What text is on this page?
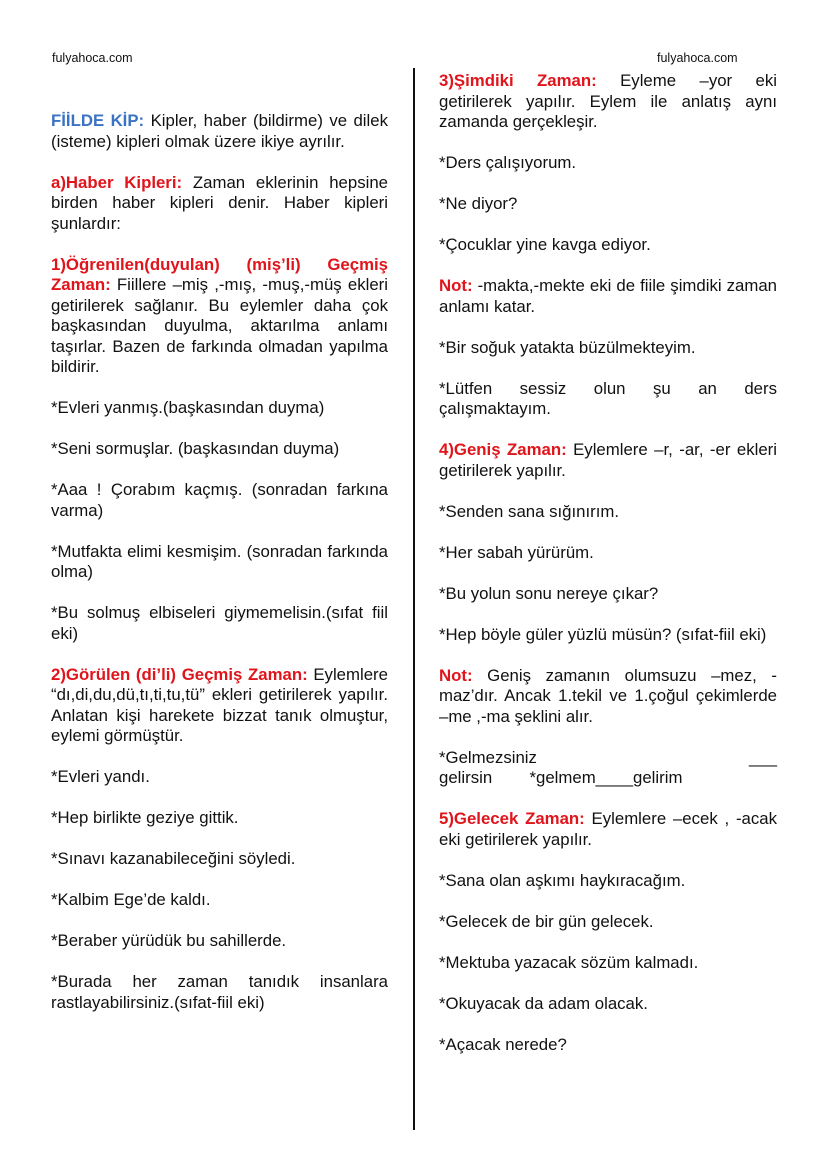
fulyahoca.com	fulyahoca.com

FİİLDE KİP: Kipler, haber (bildirme) ve dilek (isteme) kipleri olmak üzere ikiye ayrılır.

a)Haber Kipleri: Zaman eklerinin hepsine birden haber kipleri denir. Haber kipleri şunlardır:

1)Öğrenilen(duyulan) (miş’li) Geçmiş Zaman: Fiillere –miş ,-mış, -muş,-müş ekleri getirilerek sağlanır. Bu eylemler daha çok başkasından duyulma, aktarılma anlamı taşırlar. Bazen de farkında olmadan yapılma bildirir.

*Evleri yanmış.(başkasından duyma)

*Seni sormuşlar. (başkasından duyma)

*Aaa ! Çorabım kaçmış. (sonradan farkına varma)

*Mutfakta elimi kesmişim. (sonradan farkında olma)

*Bu solmuş elbiseleri giymemelisin.(sıfat fiil eki)

2)Görülen (di’li) Geçmiş Zaman: Eylemlere “dı,di,du,dü,tı,ti,tu,tü” ekleri getirilerek yapılır. Anlatan kişi harekete bizzat tanık olmuştur, eylemi görmüştür.

*Evleri yandı.

*Hep birlikte geziye gittik.

*Sınavı kazanabileceğini söyledi.

*Kalbim Ege’de kaldı.

*Beraber yürüdük bu sahillerde.

*Burada her zaman tanıdık insanlara rastlayabilirsiniz.(sıfat-fiil eki)

3)Şimdiki Zaman: Eyleme –yor eki getirilerek yapılır. Eylem ile anlatış aynı zamanda gerçekleşir.

*Ders çalışıyorum.

*Ne diyor?

*Çocuklar yine kavga ediyor.

Not: -makta,-mekte eki de fiile şimdiki zaman anlamı katar.

*Bir soğuk yatakta büzülmekteyim.

*Lütfen sessiz olun şu an ders çalışmaktayım.

4)Geniş Zaman: Eylemlere –r, -ar, -er ekleri getirilerek yapılır.

*Senden sana sığınırım.

*Her sabah yürürüm.

*Bu yolun sonu nereye çıkar?

*Hep böyle güler yüzlü müsün? (sıfat-fiil eki)

Not: Geniş zamanın olumsuzu –mez, -maz’dır. Ancak 1.tekil ve 1.çoğul çekimlerde –me ,-ma şeklini alır.

*Gelmezsiniz	___
gelirsin        *gelmem____gelirim

5)Gelecek Zaman: Eylemlere –ecek , -acak eki getirilerek yapılır.

*Sana olan aşkımı haykıracağım.

*Gelecek de bir gün gelecek.

*Mektuba yazacak sözüm kalmadı.

*Okuyacak da adam olacak.

*Açacak nerede?
